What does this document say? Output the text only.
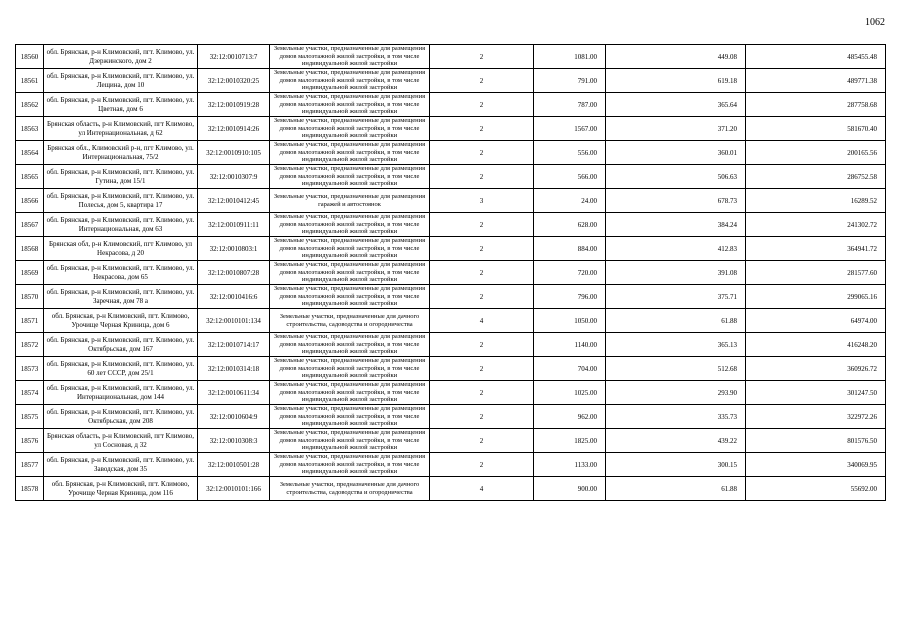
1062
18560	обл. Брянская, р-н Климовский, пгт. Климово, ул. Дзержинского, дом 2	32:12:0010713:7	Земельные участки, предназначенные для размещения домов малоэтажной жилой застройки, в том числе индивидуальной жилой застройки	2	1081.00	449.08	485455.48
18561	обл. Брянская, р-н Климовский, пгт. Климово, ул. Лещина, дом 10	32:12:0010320:25	Земельные участки, предназначенные для размещения домов малоэтажной жилой застройки, в том числе индивидуальной жилой застройки	2	791.00	619.18	489771.38
18562	обл. Брянская, р-н Климовский, пгт. Климово, ул. Цветная, дом 6	32:12:0010919:28	Земельные участки, предназначенные для размещения домов малоэтажной жилой застройки, в том числе индивидуальной жилой застройки	2	787.00	365.64	287758.68
18563	Брянская область, р-н Климовский, пгт Климово, ул Интернациональная, д 62	32:12:0010914:26	Земельные участки, предназначенные для размещения домов малоэтажной жилой застройки, в том числе индивидуальной жилой застройки	2	1567.00	371.20	581670.40
18564	Брянская обл., Климовский р-н, пгт Климово, ул. Интернациональная, 75/2	32:12:0010910:105	Земельные участки, предназначенные для размещения домов малоэтажной жилой застройки, в том числе индивидуальной жилой застройки	2	556.00	360.01	200165.56
18565	обл. Брянская, р-н Климовский, пгт. Климово, ул. Гутина, дом 15/1	32:12:0010307:9	Земельные участки, предназначенные для размещения домов малоэтажной жилой застройки, в том числе индивидуальной жилой застройки	2	566.00	506.63	286752.58
18566	обл. Брянская, р-н Климовский, пгт. Климово, ул. Полесья, дом 5, квартира 17	32:12:0010412:45	Земельные участки, предназначенные для размещения гаражей и автостоянок	3	24.00	678.73	16289.52
18567	обл. Брянская, р-н Климовский, пгт. Климово, ул. Интернациональная, дом 63	32:12:0010911:11	Земельные участки, предназначенные для размещения домов малоэтажной жилой застройки, в том числе индивидуальной жилой застройки	2	628.00	384.24	241302.72
18568	Брянская обл, р-н Климовский, пгт Климово, ул Некрасова, д 20	32:12:0010803:1	Земельные участки, предназначенные для размещения домов малоэтажной жилой застройки, в том числе индивидуальной жилой застройки	2	884.00	412.83	364941.72
18569	обл. Брянская, р-н Климовский, пгт. Климово, ул. Некрасова, дом 65	32:12:0010807:28	Земельные участки, предназначенные для размещения домов малоэтажной жилой застройки, в том числе индивидуальной жилой застройки	2	720.00	391.08	281577.60
18570	обл. Брянская, р-н Климовский, пгт. Климово, ул. Заречная, дом 78 а	32:12:0010416:6	Земельные участки, предназначенные для размещения домов малоэтажной жилой застройки, в том числе индивидуальной жилой застройки	2	796.00	375.71	299065.16
18571	обл. Брянская, р-н Климовский, пгт. Климово, Урочище Черная Криница, дом 6	32:12:0010101:134	Земельные участки, предназначенные для дачного строительства, садоводства и огородничества	4	1050.00	61.88	64974.00
18572	обл. Брянская, р-н Климовский, пгт. Климово, ул. Октябрьская, дом 167	32:12:0010714:17	Земельные участки, предназначенные для размещения домов малоэтажной жилой застройки, в том числе индивидуальной жилой застройки	2	1140.00	365.13	416248.20
18573	обл. Брянская, р-н Климовский, пгт. Климово, ул. 60 лет СССР, дом 25/1	32:12:0010314:18	Земельные участки, предназначенные для размещения домов малоэтажной жилой застройки, в том числе индивидуальной жилой застройки	2	704.00	512.68	360926.72
18574	обл. Брянская, р-н Климовский, пгт. Климово, ул. Интернациональная, дом 144	32:12:0010611:34	Земельные участки, предназначенные для размещения домов малоэтажной жилой застройки, в том числе индивидуальной жилой застройки	2	1025.00	293.90	301247.50
18575	обл. Брянская, р-н Климовский, пгт. Климово, ул. Октябрьская, дом 208	32:12:0010604:9	Земельные участки, предназначенные для размещения домов малоэтажной жилой застройки, в том числе индивидуальной жилой застройки	2	962.00	335.73	322972.26
18576	Брянская область, р-н Климовский, пгт Климово, ул Сосновая, д 32	32:12:0010308:3	Земельные участки, предназначенные для размещения домов малоэтажной жилой застройки, в том числе индивидуальной жилой застройки	2	1825.00	439.22	801576.50
18577	обл. Брянская, р-н Климовский, пгт. Климово, ул. Заводская, дом 35	32:12:0010501:28	Земельные участки, предназначенные для размещения домов малоэтажной жилой застройки, в том числе индивидуальной жилой застройки	2	1133.00	300.15	340069.95
18578	обл. Брянская, р-н Климовский, пгт. Климово, Урочище Черная Криница, дом 116	32:12:0010101:166	Земельные участки, предназначенные для дачного строительства, садоводства и огородничества	4	900.00	61.88	55692.00
